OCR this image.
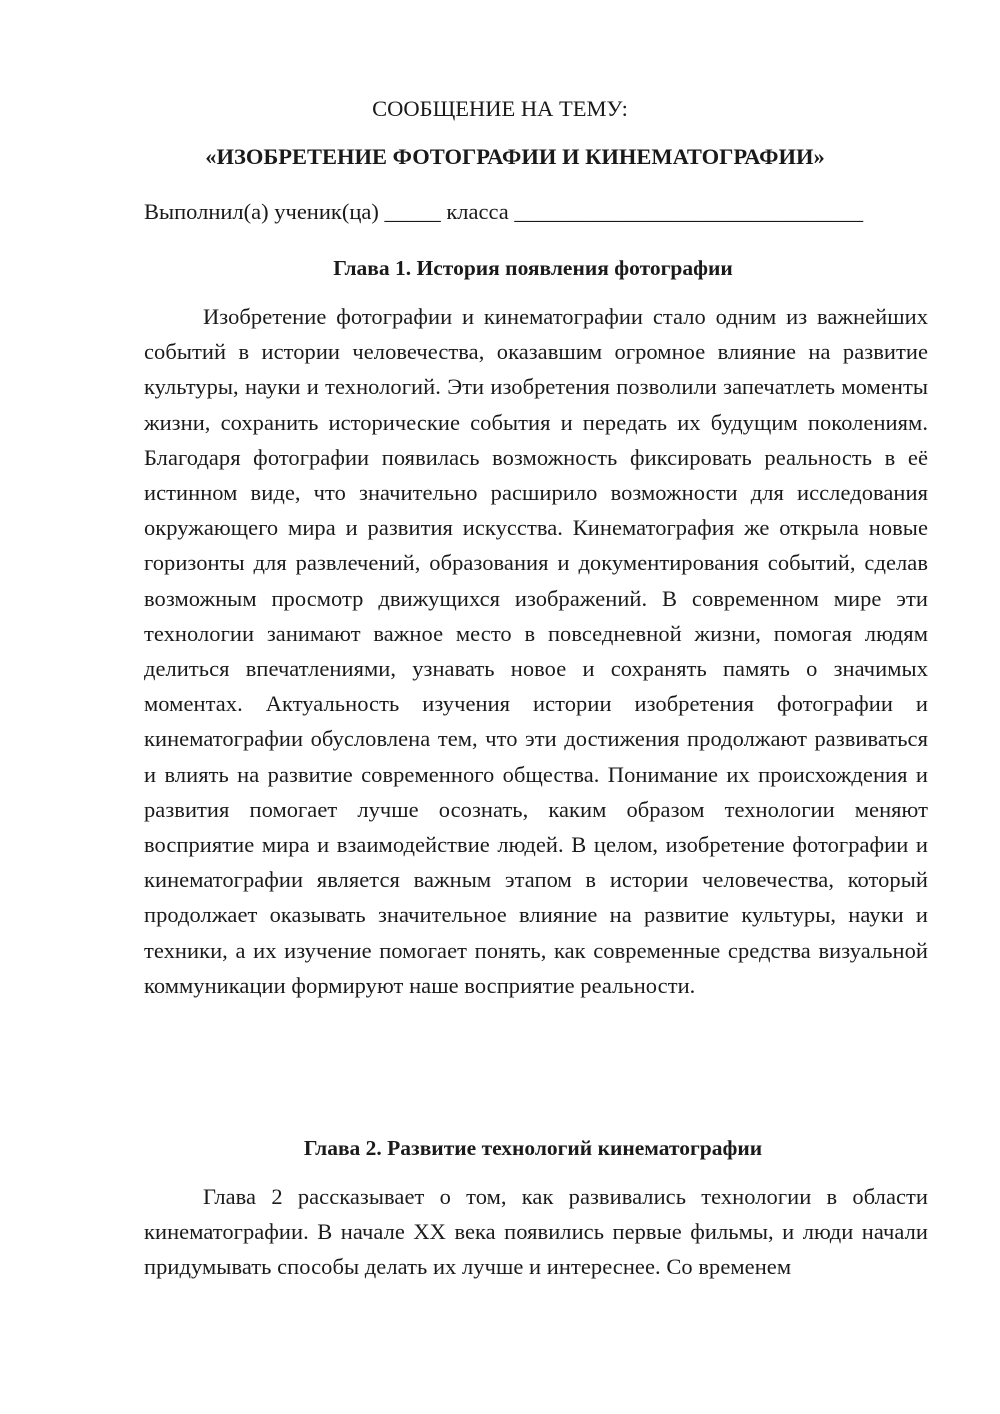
СООБЩЕНИЕ НА ТЕМУ:
«ИЗОБРЕТЕНИЕ ФОТОГРАФИИ И КИНЕМАТОГРАФИИ»
Выполнил(а) ученик(ца) _____ класса _______________________________
Глава 1. История появления фотографии

Изобретение фотографии и кинематографии стало одним из важнейших событий в истории человечества, оказавшим огромное влияние на развитие культуры, науки и технологий. Эти изобретения позволили запечатлеть моменты жизни, сохранить исторические события и передать их будущим поколениям. Благодаря фотографии появилась возможность фиксировать реальность в её истинном виде, что значительно расширило возможности для исследования окружающего мира и развития искусства. Кинематография же открыла новые горизонты для развлечений, образования и документирования событий, сделав возможным просмотр движущихся изображений. В современном мире эти технологии занимают важное место в повседневной жизни, помогая людям делиться впечатлениями, узнавать новое и сохранять память о значимых моментах. Актуальность изучения истории изобретения фотографии и кинематографии обусловлена тем, что эти достижения продолжают развиваться и влиять на развитие современного общества. Понимание их происхождения и развития помогает лучше осознать, каким образом технологии меняют восприятие мира и взаимодействие людей. В целом, изобретение фотографии и кинематографии является важным этапом в истории человечества, который продолжает оказывать значительное влияние на развитие культуры, науки и техники, а их изучение помогает понять, как современные средства визуальной коммуникации формируют наше восприятие реальности.

Глава 2. Развитие технологий кинематографии

Глава 2 рассказывает о том, как развивались технологии в области кинематографии. В начале XX века появились первые фильмы, и люди начали придумывать способы делать их лучше и интереснее. Со временем
